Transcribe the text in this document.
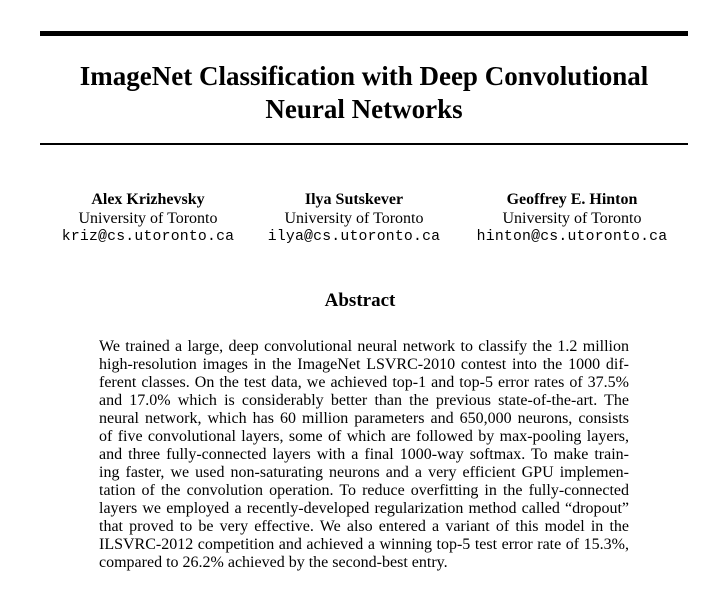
ImageNet Classification with Deep Convolutional
Neural Networks
Alex Krizhevsky
University of Toronto
kriz@cs.utoronto.ca
Ilya Sutskever
University of Toronto
ilya@cs.utoronto.ca
Geoffrey E. Hinton
University of Toronto
hinton@cs.utoronto.ca
Abstract
We trained a large, deep convolutional neural network to classify the 1.2 million
high-resolution images in the ImageNet LSVRC-2010 contest into the 1000 dif-
ferent classes. On the test data, we achieved top-1 and top-5 error rates of 37.5%
and 17.0% which is considerably better than the previous state-of-the-art. The
neural network, which has 60 million parameters and 650,000 neurons, consists
of five convolutional layers, some of which are followed by max-pooling layers,
and three fully-connected layers with a final 1000-way softmax. To make train-
ing faster, we used non-saturating neurons and a very efficient GPU implemen-
tation of the convolution operation. To reduce overfitting in the fully-connected
layers we employed a recently-developed regularization method called “dropout”
that proved to be very effective. We also entered a variant of this model in the
ILSVRC-2012 competition and achieved a winning top-5 test error rate of 15.3%,
compared to 26.2% achieved by the second-best entry.
